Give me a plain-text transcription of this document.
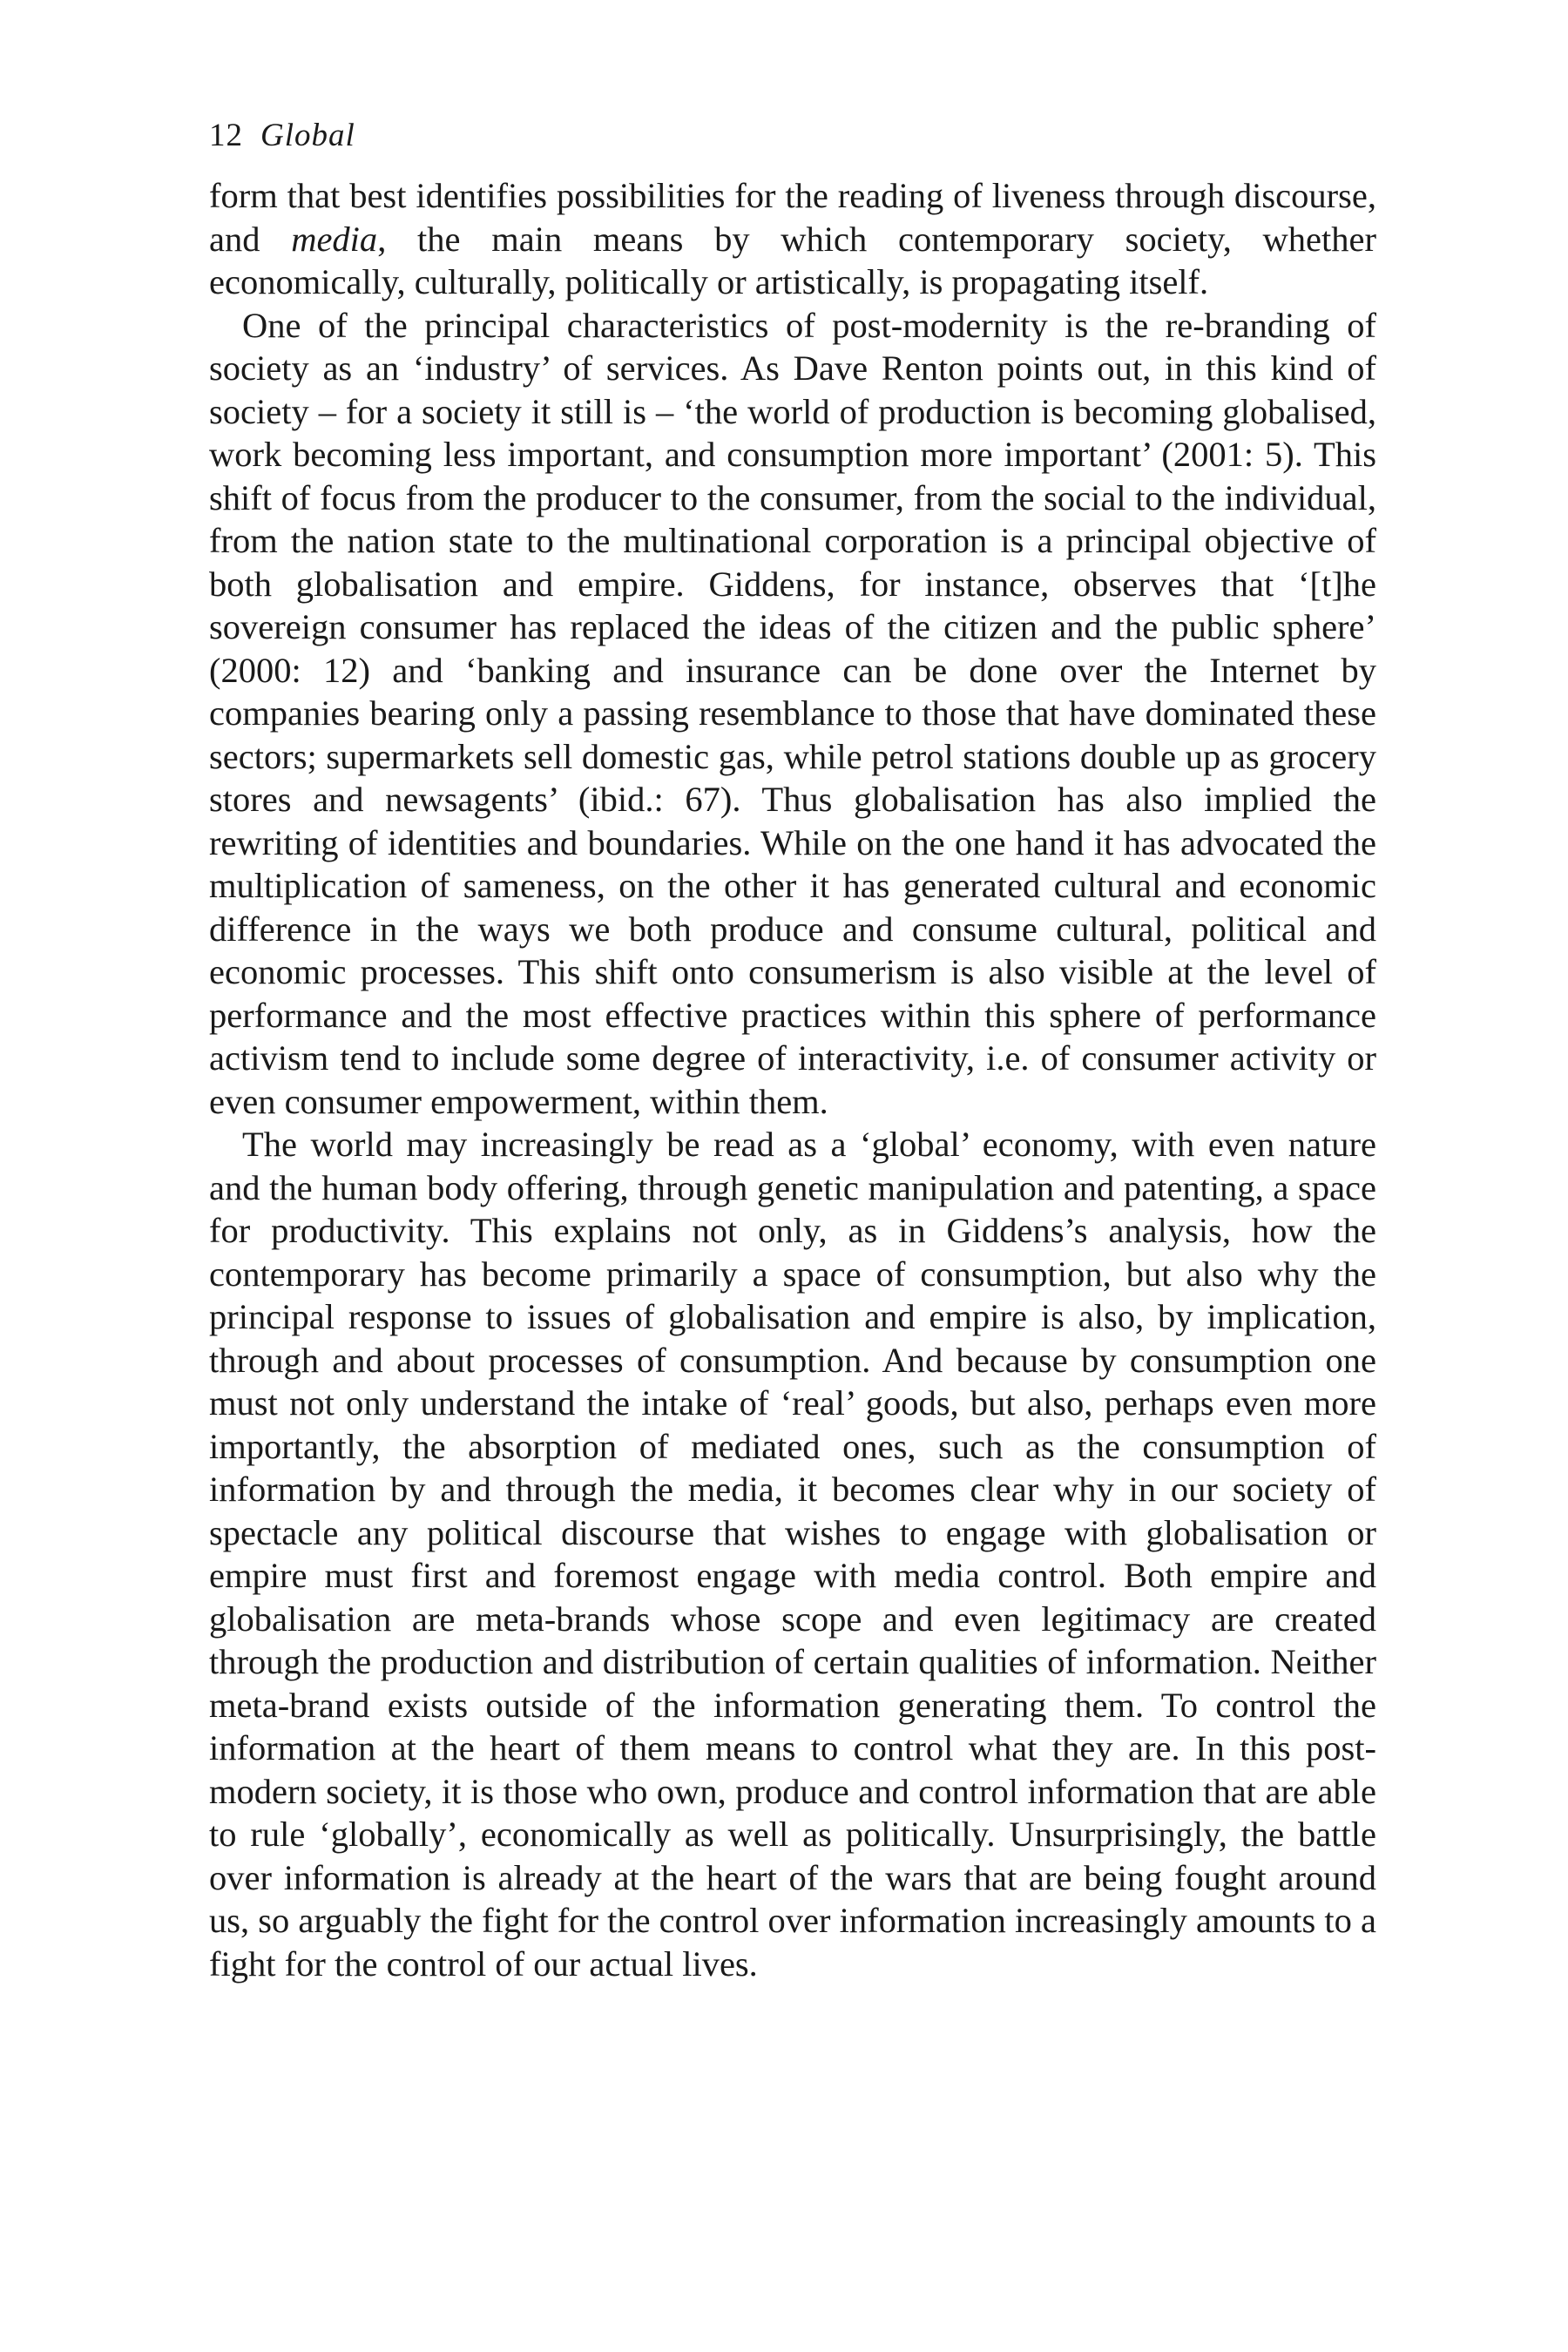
12 Global

form that best identifies possibilities for the reading of liveness through discourse, and media, the main means by which contemporary society, whether economically, culturally, politically or artistically, is propagating itself.

One of the principal characteristics of post-modernity is the re-branding of society as an ‘industry’ of services. As Dave Renton points out, in this kind of society – for a society it still is – ‘the world of production is becoming globalised, work becoming less important, and consumption more important’ (2001: 5). This shift of focus from the producer to the consumer, from the social to the individual, from the nation state to the multinational corporation is a principal objective of both globalisation and empire. Giddens, for instance, observes that ‘[t]he sovereign consumer has replaced the ideas of the citizen and the public sphere’ (2000: 12) and ‘banking and insurance can be done over the Internet by companies bearing only a passing resemblance to those that have dominated these sectors; supermarkets sell domestic gas, while petrol stations double up as grocery stores and newsagents’ (ibid.: 67). Thus globalisation has also implied the rewriting of identities and boundaries. While on the one hand it has advocated the multiplication of sameness, on the other it has generated cultural and economic difference in the ways we both produce and consume cultural, political and economic processes. This shift onto consumerism is also visible at the level of performance and the most effective practices within this sphere of performance activism tend to include some degree of interactivity, i.e. of consumer activity or even consumer empowerment, within them.

The world may increasingly be read as a ‘global’ economy, with even nature and the human body offering, through genetic manipulation and patenting, a space for productivity. This explains not only, as in Giddens’s analysis, how the contemporary has become primarily a space of consumption, but also why the principal response to issues of globalisation and empire is also, by implication, through and about processes of consumption. And because by consumption one must not only understand the intake of ‘real’ goods, but also, perhaps even more importantly, the absorption of mediated ones, such as the consumption of information by and through the media, it becomes clear why in our society of spectacle any political discourse that wishes to engage with globalisation or empire must first and foremost engage with media control. Both empire and globalisation are meta-brands whose scope and even legitimacy are created through the production and distribution of certain qualities of information. Neither meta-brand exists outside of the information generating them. To control the information at the heart of them means to control what they are. In this post-modern society, it is those who own, produce and control information that are able to rule ‘globally’, economically as well as politically. Unsurprisingly, the battle over information is already at the heart of the wars that are being fought around us, so arguably the fight for the control over information increasingly amounts to a fight for the control of our actual lives.
